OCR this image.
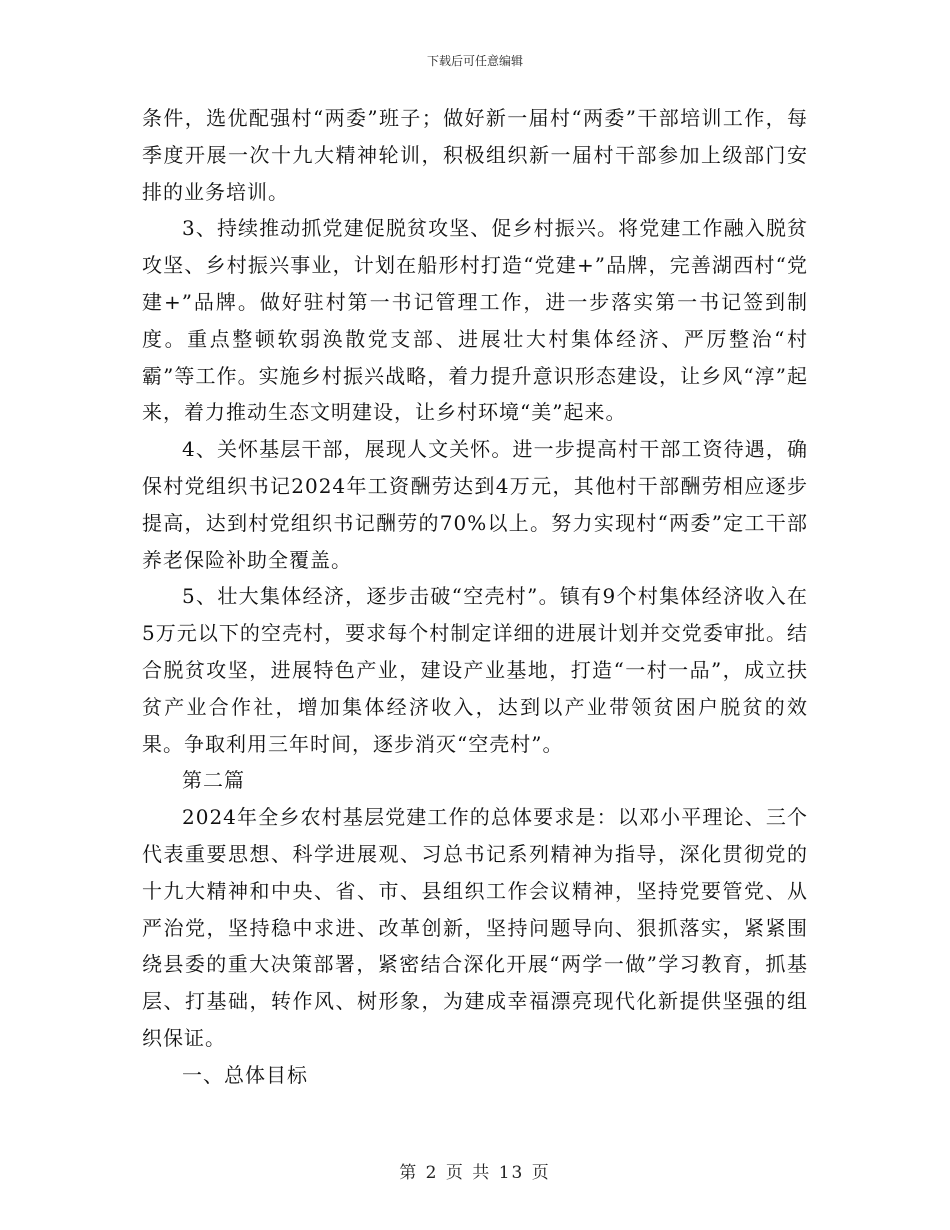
下载后可任意编辑

条件，选优配强村“两委”班子；做好新一届村“两委”干部培训工作，每季度开展一次十九大精神轮训，积极组织新一届村干部参加上级部门安排的业务培训。

3、持续推动抓党建促脱贫攻坚、促乡村振兴。将党建工作融入脱贫攻坚、乡村振兴事业，计划在船形村打造“党建+”品牌，完善湖西村“党建+”品牌。做好驻村第一书记管理工作，进一步落实第一书记签到制度。重点整顿软弱涣散党支部、进展壮大村集体经济、严厉整治“村霸”等工作。实施乡村振兴战略，着力提升意识形态建设，让乡风“淳”起来，着力推动生态文明建设，让乡村环境“美”起来。

4、关怀基层干部，展现人文关怀。进一步提高村干部工资待遇，确保村党组织书记2024年工资酬劳达到4万元，其他村干部酬劳相应逐步提高，达到村党组织书记酬劳的70%以上。努力实现村“两委”定工干部养老保险补助全覆盖。

5、壮大集体经济，逐步击破“空壳村”。镇有9个村集体经济收入在5万元以下的空壳村，要求每个村制定详细的进展计划并交党委审批。结合脱贫攻坚，进展特色产业，建设产业基地，打造“一村一品”，成立扶贫产业合作社，增加集体经济收入，达到以产业带领贫困户脱贫的效果。争取利用三年时间，逐步消灭“空壳村”。

第二篇

2024年全乡农村基层党建工作的总体要求是：以邓小平理论、三个代表重要思想、科学进展观、习总书记系列精神为指导，深化贯彻党的十九大精神和中央、省、市、县组织工作会议精神，坚持党要管党、从严治党，坚持稳中求进、改革创新，坚持问题导向、狠抓落实，紧紧围绕县委的重大决策部署，紧密结合深化开展“两学一做”学习教育，抓基层、打基础，转作风、树形象，为建成幸福漂亮现代化新提供坚强的组织保证。

一、总体目标

第 2 页 共 13 页
